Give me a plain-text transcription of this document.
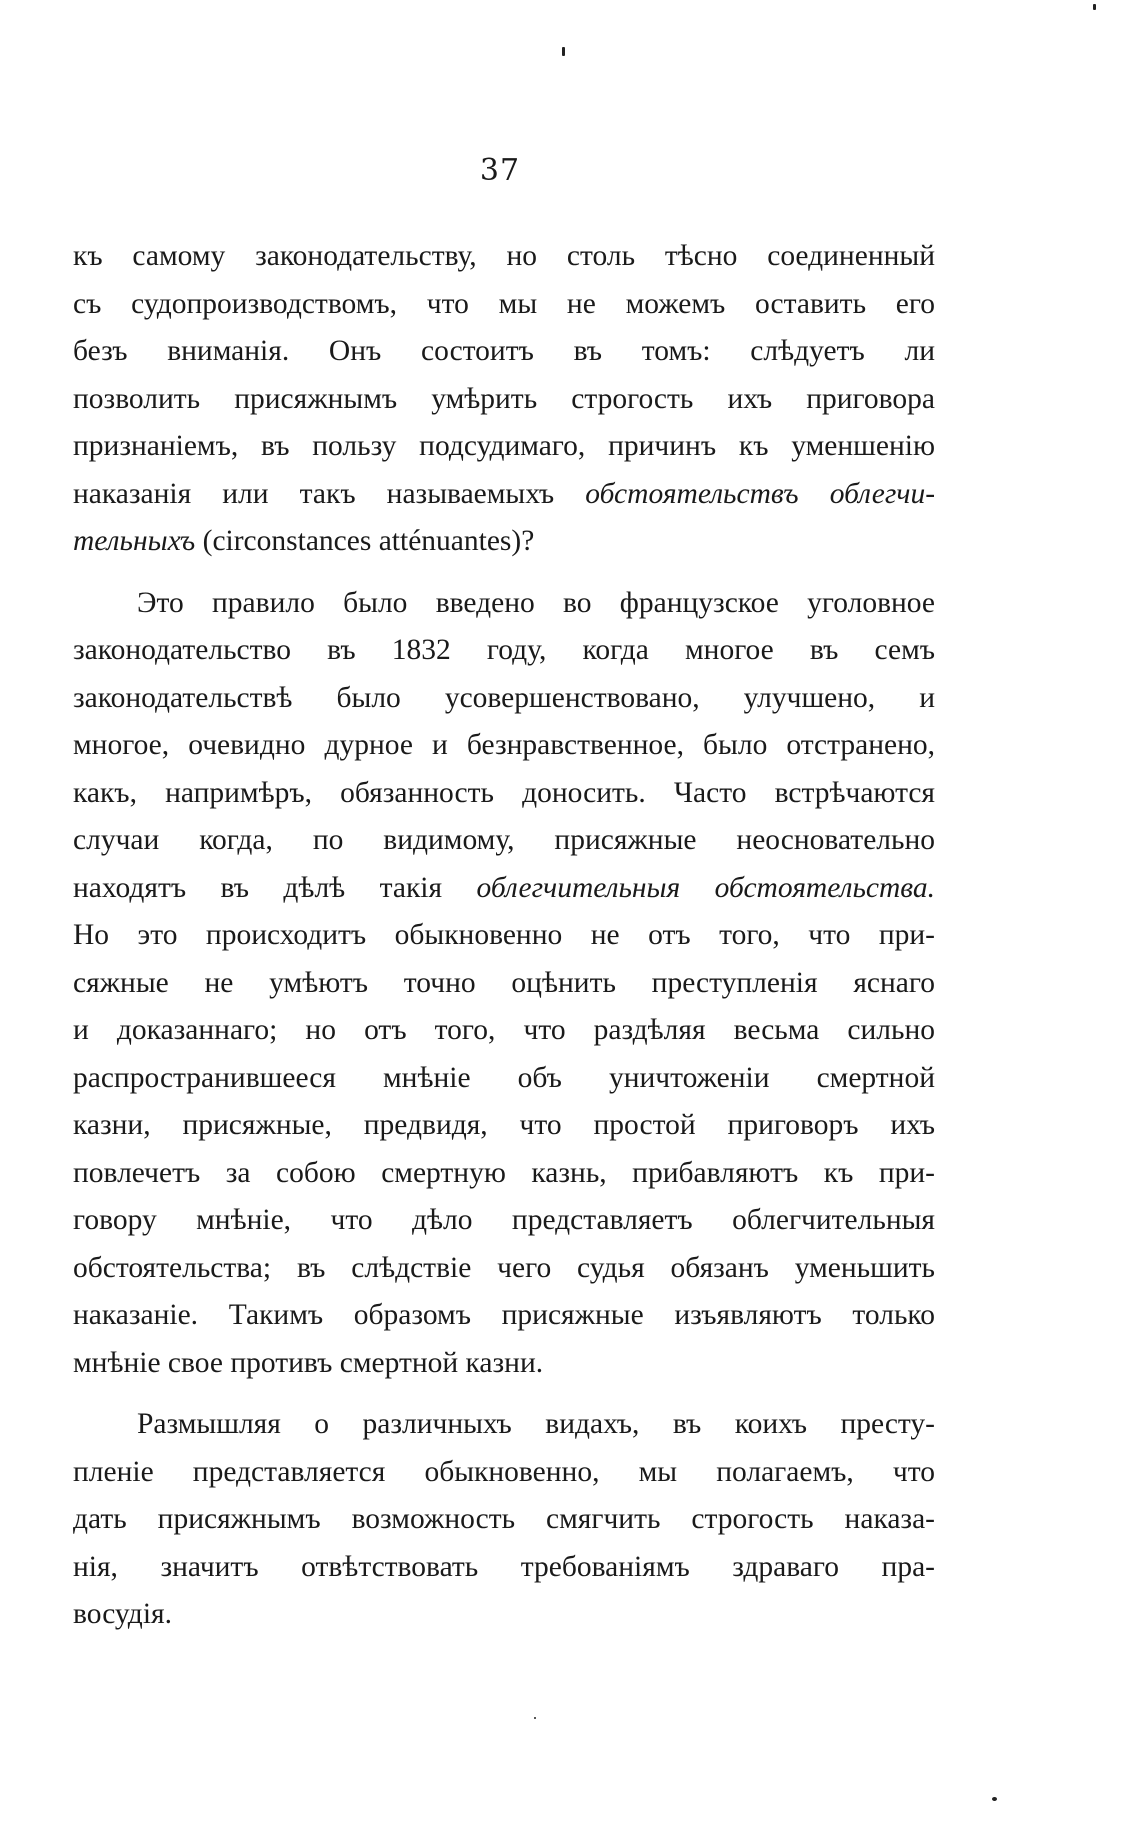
37

къ самому законодательству, но столь тѣсно соединенный
съ судопроизводствомъ, что мы не можемъ оставить его
безъ вниманія. Онъ состоитъ въ томъ: слѣдуетъ ли
позволить присяжнымъ умѣрить строгость ихъ приговора
признаніемъ, въ пользу подсудимаго, причинъ къ уменшенію
наказанія или такъ называемыхъ обстоятельствъ облегчи-
тельныхъ (circonstances atténuantes)?

Это правило было введено во французское уголовное
законодательство въ 1832 году, когда многое въ семъ
законодательствѣ было усовершенствовано, улучшено, и
многое, очевидно дурное и безнравственное, было отстранено,
какъ, напримѣръ, обязанность доносить. Часто встрѣчаются
случаи когда, по видимому, присяжные неосновательно
находятъ въ дѣлѣ такія облегчительныя обстоятельства.
Но это происходитъ обыкновенно не отъ того, что при-
сяжные не умѣютъ точно оцѣнить преступленія яснаго
и доказаннаго; но отъ того, что раздѣляя весьма сильно
распространившееся мнѣніе объ уничтоженіи смертной
казни, присяжные, предвидя, что простой приговоръ ихъ
повлечетъ за собою смертную казнь, прибавляютъ къ при-
говору мнѣніе, что дѣло представляетъ облегчительныя
обстоятельства; въ слѣдствіе чего судья обязанъ уменьшить
наказаніе. Такимъ образомъ присяжные изъявляютъ только
мнѣніе свое противъ смертной казни.

Размышляя о различныхъ видахъ, въ коихъ престу-
пленіе представляется обыкновенно, мы полагаемъ, что
дать присяжнымъ возможность смягчить строгость наказа-
нія, значитъ отвѣтствовать требованіямъ здраваго пра-
восудія.
